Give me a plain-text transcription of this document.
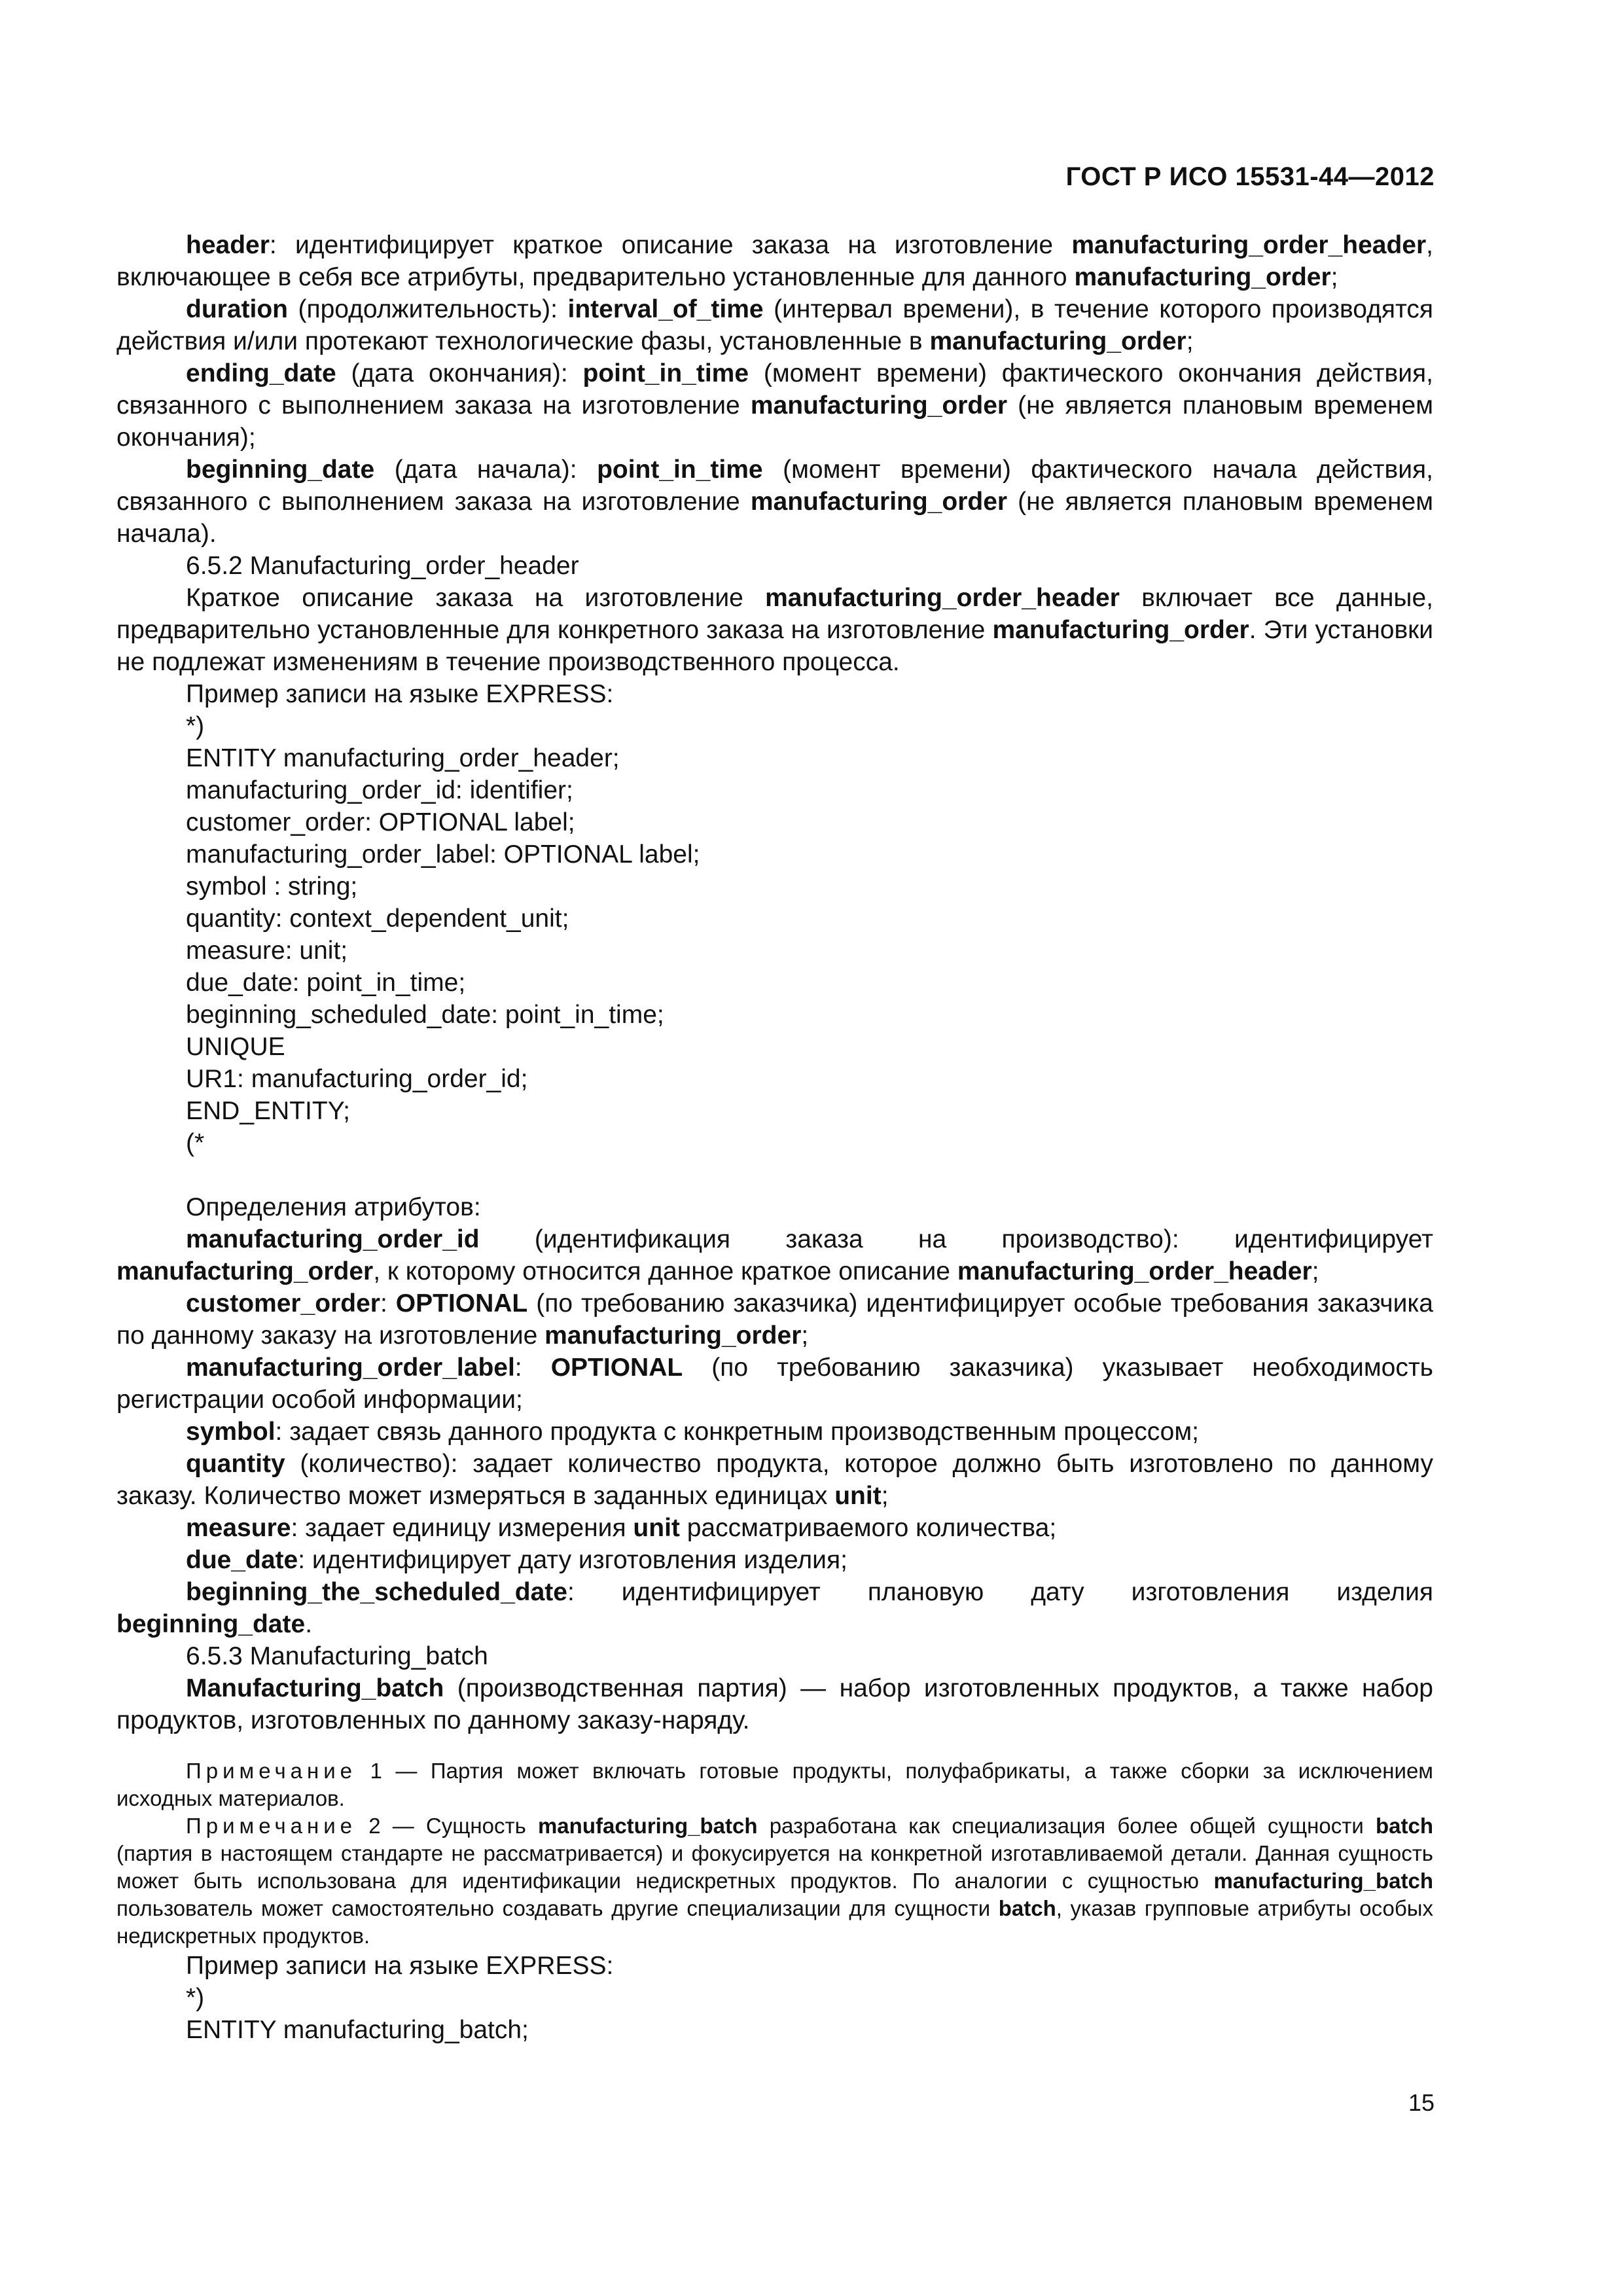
ГОСТ Р ИСО 15531-44—2012

header: идентифицирует краткое описание заказа на изготовление manufacturing_order_header, включающее в себя все атрибуты, предварительно установленные для данного manufacturing_order;

duration (продолжительность): interval_of_time (интервал времени), в течение которого производятся действия и/или протекают технологические фазы, установленные в manufacturing_order;

ending_date (дата окончания): point_in_time (момент времени) фактического окончания действия, связанного с выполнением заказа на изготовление manufacturing_order (не является плановым временем окончания);

beginning_date (дата начала): point_in_time (момент времени) фактического начала действия, связанного с выполнением заказа на изготовление manufacturing_order (не является плановым временем начала).

6.5.2 Manufacturing_order_header

Краткое описание заказа на изготовление manufacturing_order_header включает все данные, предварительно установленные для конкретного заказа на изготовление manufacturing_order. Эти установки не подлежат изменениям в течение производственного процесса.

Пример записи на языке EXPRESS:

*)

ENTITY manufacturing_order_header;

manufacturing_order_id: identifier;

customer_order: OPTIONAL label;

manufacturing_order_label: OPTIONAL label;

symbol : string;

quantity: context_dependent_unit;

measure: unit;

due_date: point_in_time;

beginning_scheduled_date: point_in_time;

UNIQUE

UR1: manufacturing_order_id;

END_ENTITY;

(*

Определения атрибутов:

manufacturing_order_id (идентификация заказа на производство): идентифицирует manufacturing_order, к которому относится данное краткое описание manufacturing_order_header;

customer_order: OPTIONAL (по требованию заказчика) идентифицирует особые требования заказчика по данному заказу на изготовление manufacturing_order;

manufacturing_order_label: OPTIONAL (по требованию заказчика) указывает необходимость регистрации особой информации;

symbol: задает связь данного продукта с конкретным производственным процессом;

quantity (количество): задает количество продукта, которое должно быть изготовлено по данному заказу. Количество может измеряться в заданных единицах unit;

measure: задает единицу измерения unit рассматриваемого количества;

due_date: идентифицирует дату изготовления изделия;

beginning_the_scheduled_date: идентифицирует плановую дату изготовления изделия beginning_date.

6.5.3 Manufacturing_batch

Manufacturing_batch (производственная партия) — набор изготовленных продуктов, а также набор продуктов, изготовленных по данному заказу-наряду.

Примечание 1 — Партия может включать готовые продукты, полуфабрикаты, а также сборки за исключением исходных материалов.

Примечание 2 — Сущность manufacturing_batch разработана как специализация более общей сущности batch (партия в настоящем стандарте не рассматривается) и фокусируется на конкретной изготавливаемой детали. Данная сущность может быть использована для идентификации недискретных продуктов. По аналогии с сущностью manufacturing_batch пользователь может самостоятельно создавать другие специализации для сущности batch, указав групповые атрибуты особых недискретных продуктов.

Пример записи на языке EXPRESS:

*)

ENTITY manufacturing_batch;

15
